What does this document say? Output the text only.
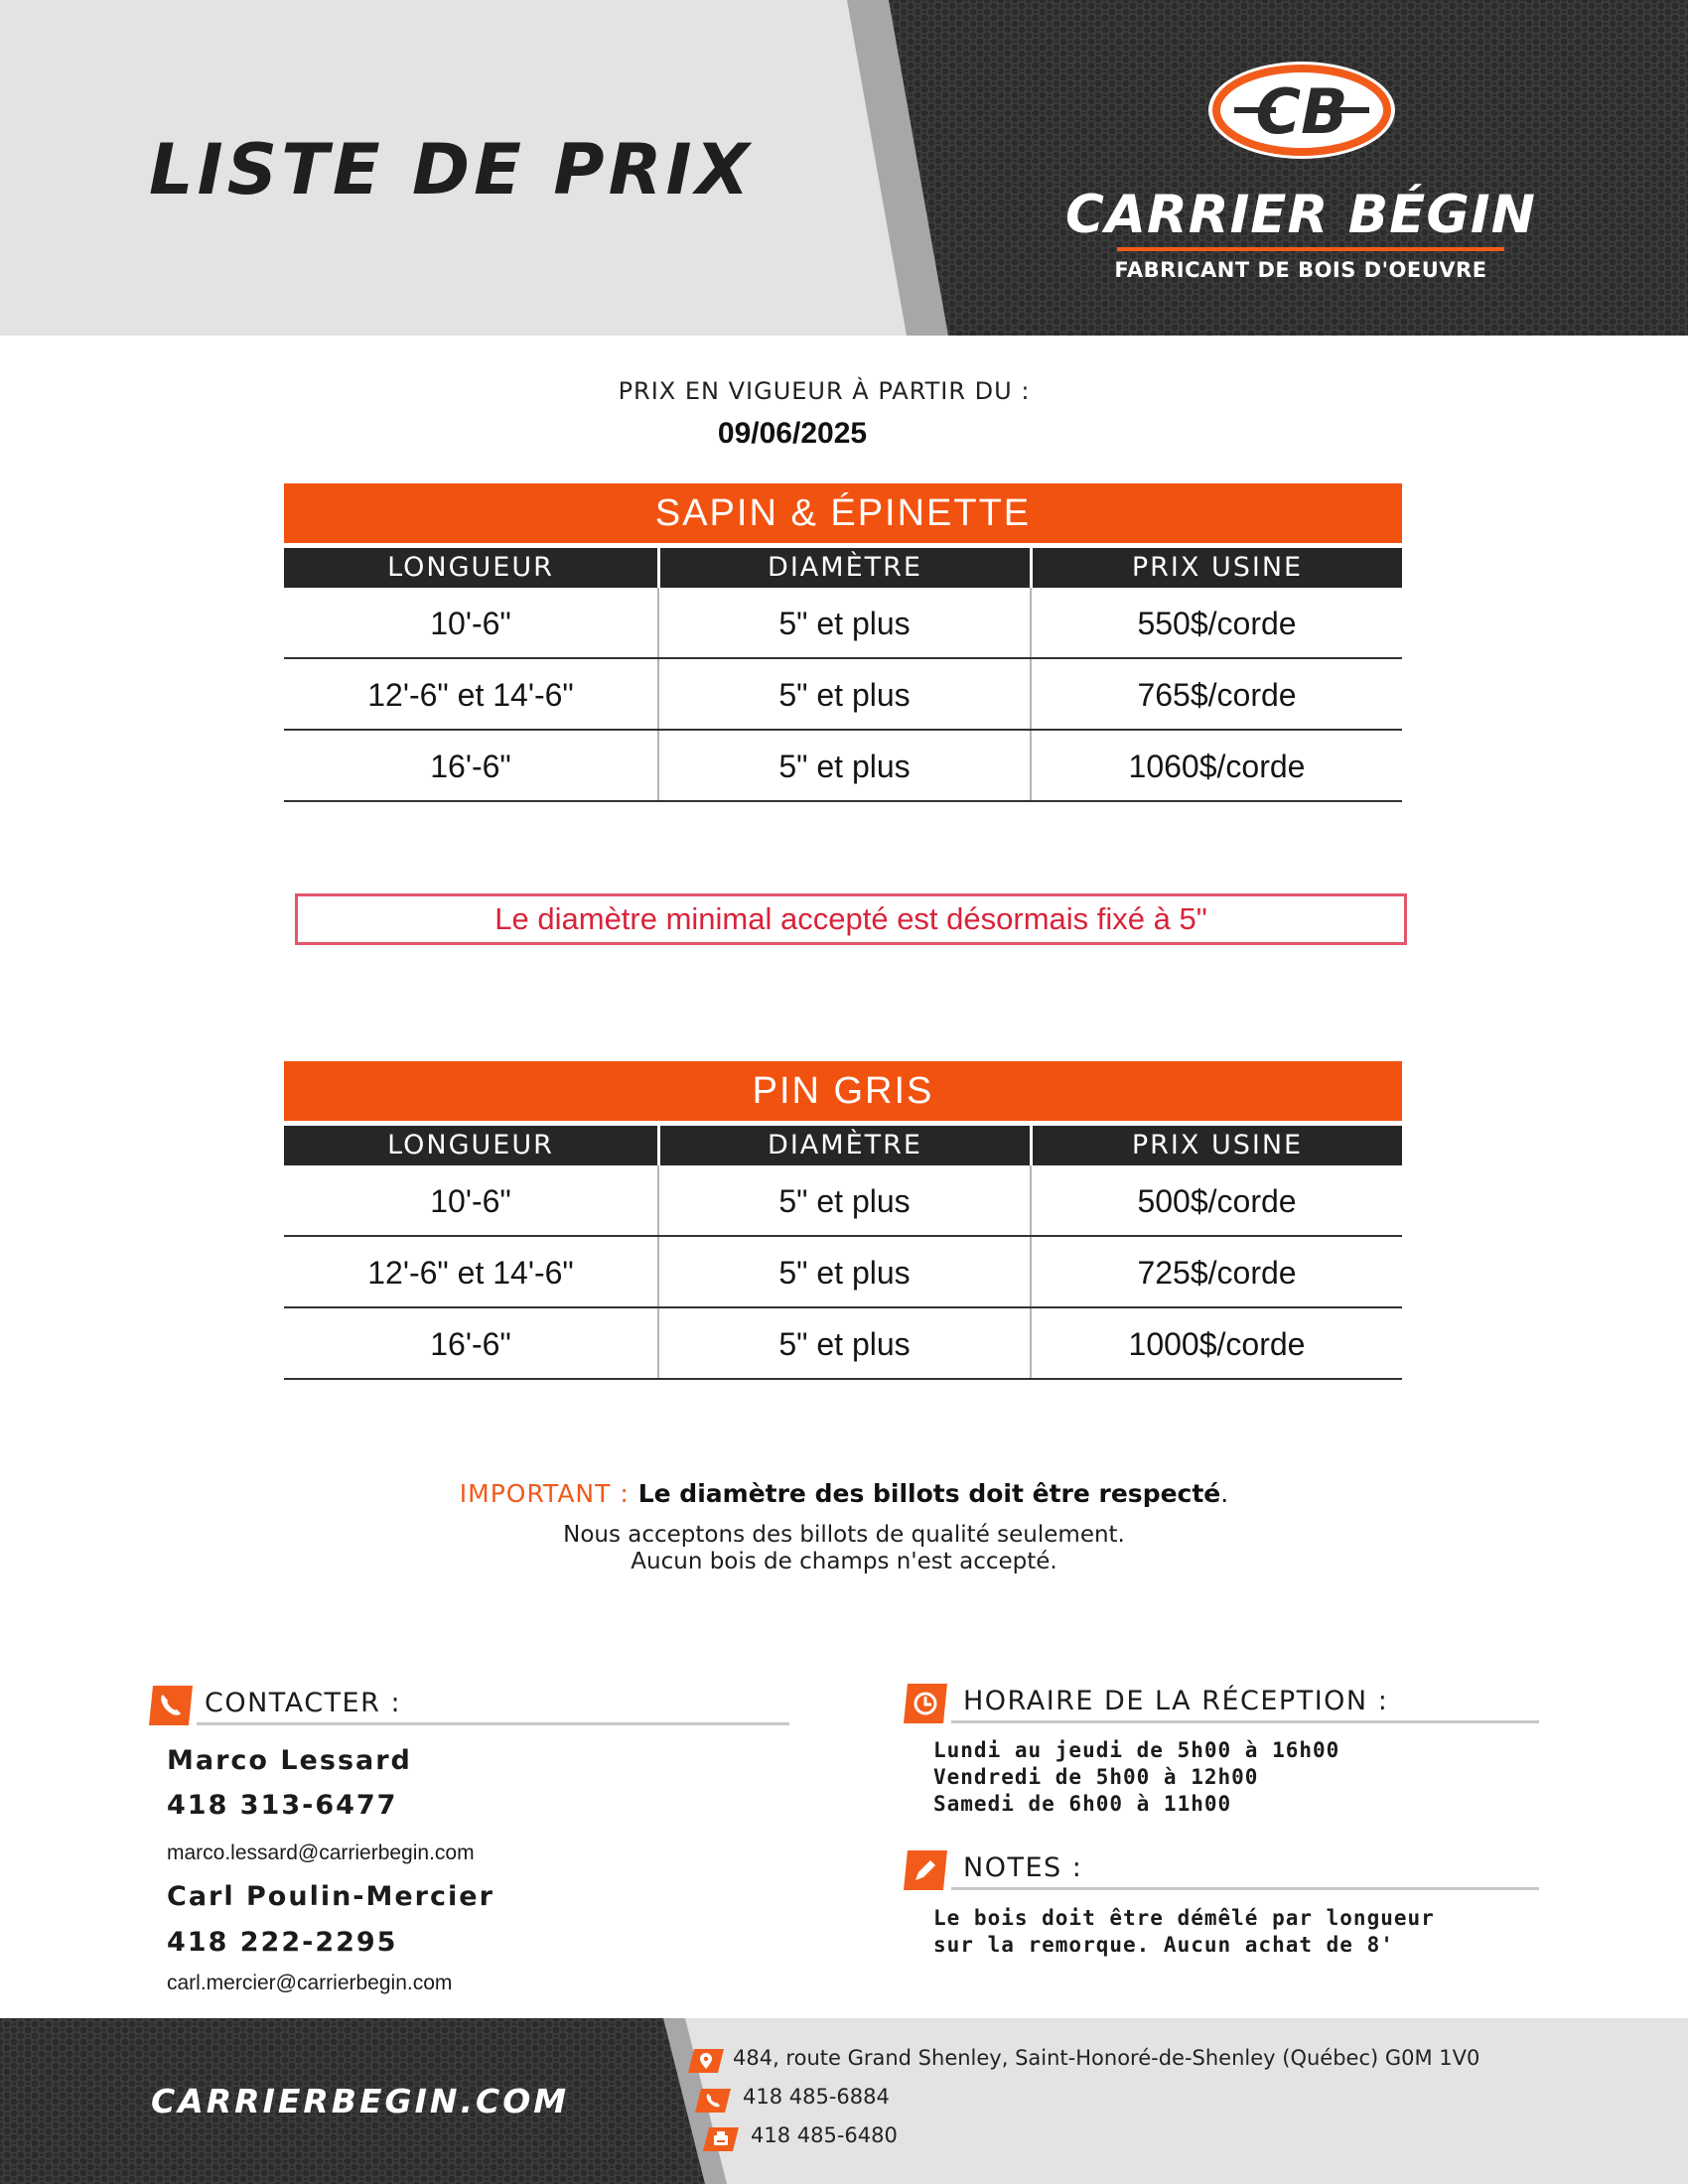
LISTE DE PRIX
CB
CARRIER BÉGIN
FABRICANT DE BOIS D'OEUVRE
PRIX EN VIGUEUR À PARTIR DU :
09/06/2025
SAPIN & ÉPINETTE
LONGUEUR	DIAMÈTRE	PRIX USINE
10'-6"	5" et plus	550$/corde
12'-6" et 14'-6"	5" et plus	765$/corde
16'-6"	5" et plus	1060$/corde
Le diamètre minimal accepté est désormais fixé à 5"
PIN GRIS
LONGUEUR	DIAMÈTRE	PRIX USINE
10'-6"	5" et plus	500$/corde
12'-6" et 14'-6"	5" et plus	725$/corde
16'-6"	5" et plus	1000$/corde
IMPORTANT : Le diamètre des billots doit être respecté.
Nous acceptons des billots de qualité seulement.
Aucun bois de champs n'est accepté.
CONTACTER :
Marco Lessard
418 313-6477
marco.lessard@carrierbegin.com
Carl Poulin-Mercier
418 222-2295
carl.mercier@carrierbegin.com
HORAIRE DE LA RÉCEPTION :
Lundi au jeudi de 5h00 à 16h00
Vendredi de 5h00 à 12h00
Samedi de 6h00 à 11h00
NOTES :
Le bois doit être démêlé par longueur
sur la remorque. Aucun achat de 8'
CARRIERBEGIN.COM
484, route Grand Shenley, Saint-Honoré-de-Shenley (Québec) G0M 1V0
418 485-6884
418 485-6480
